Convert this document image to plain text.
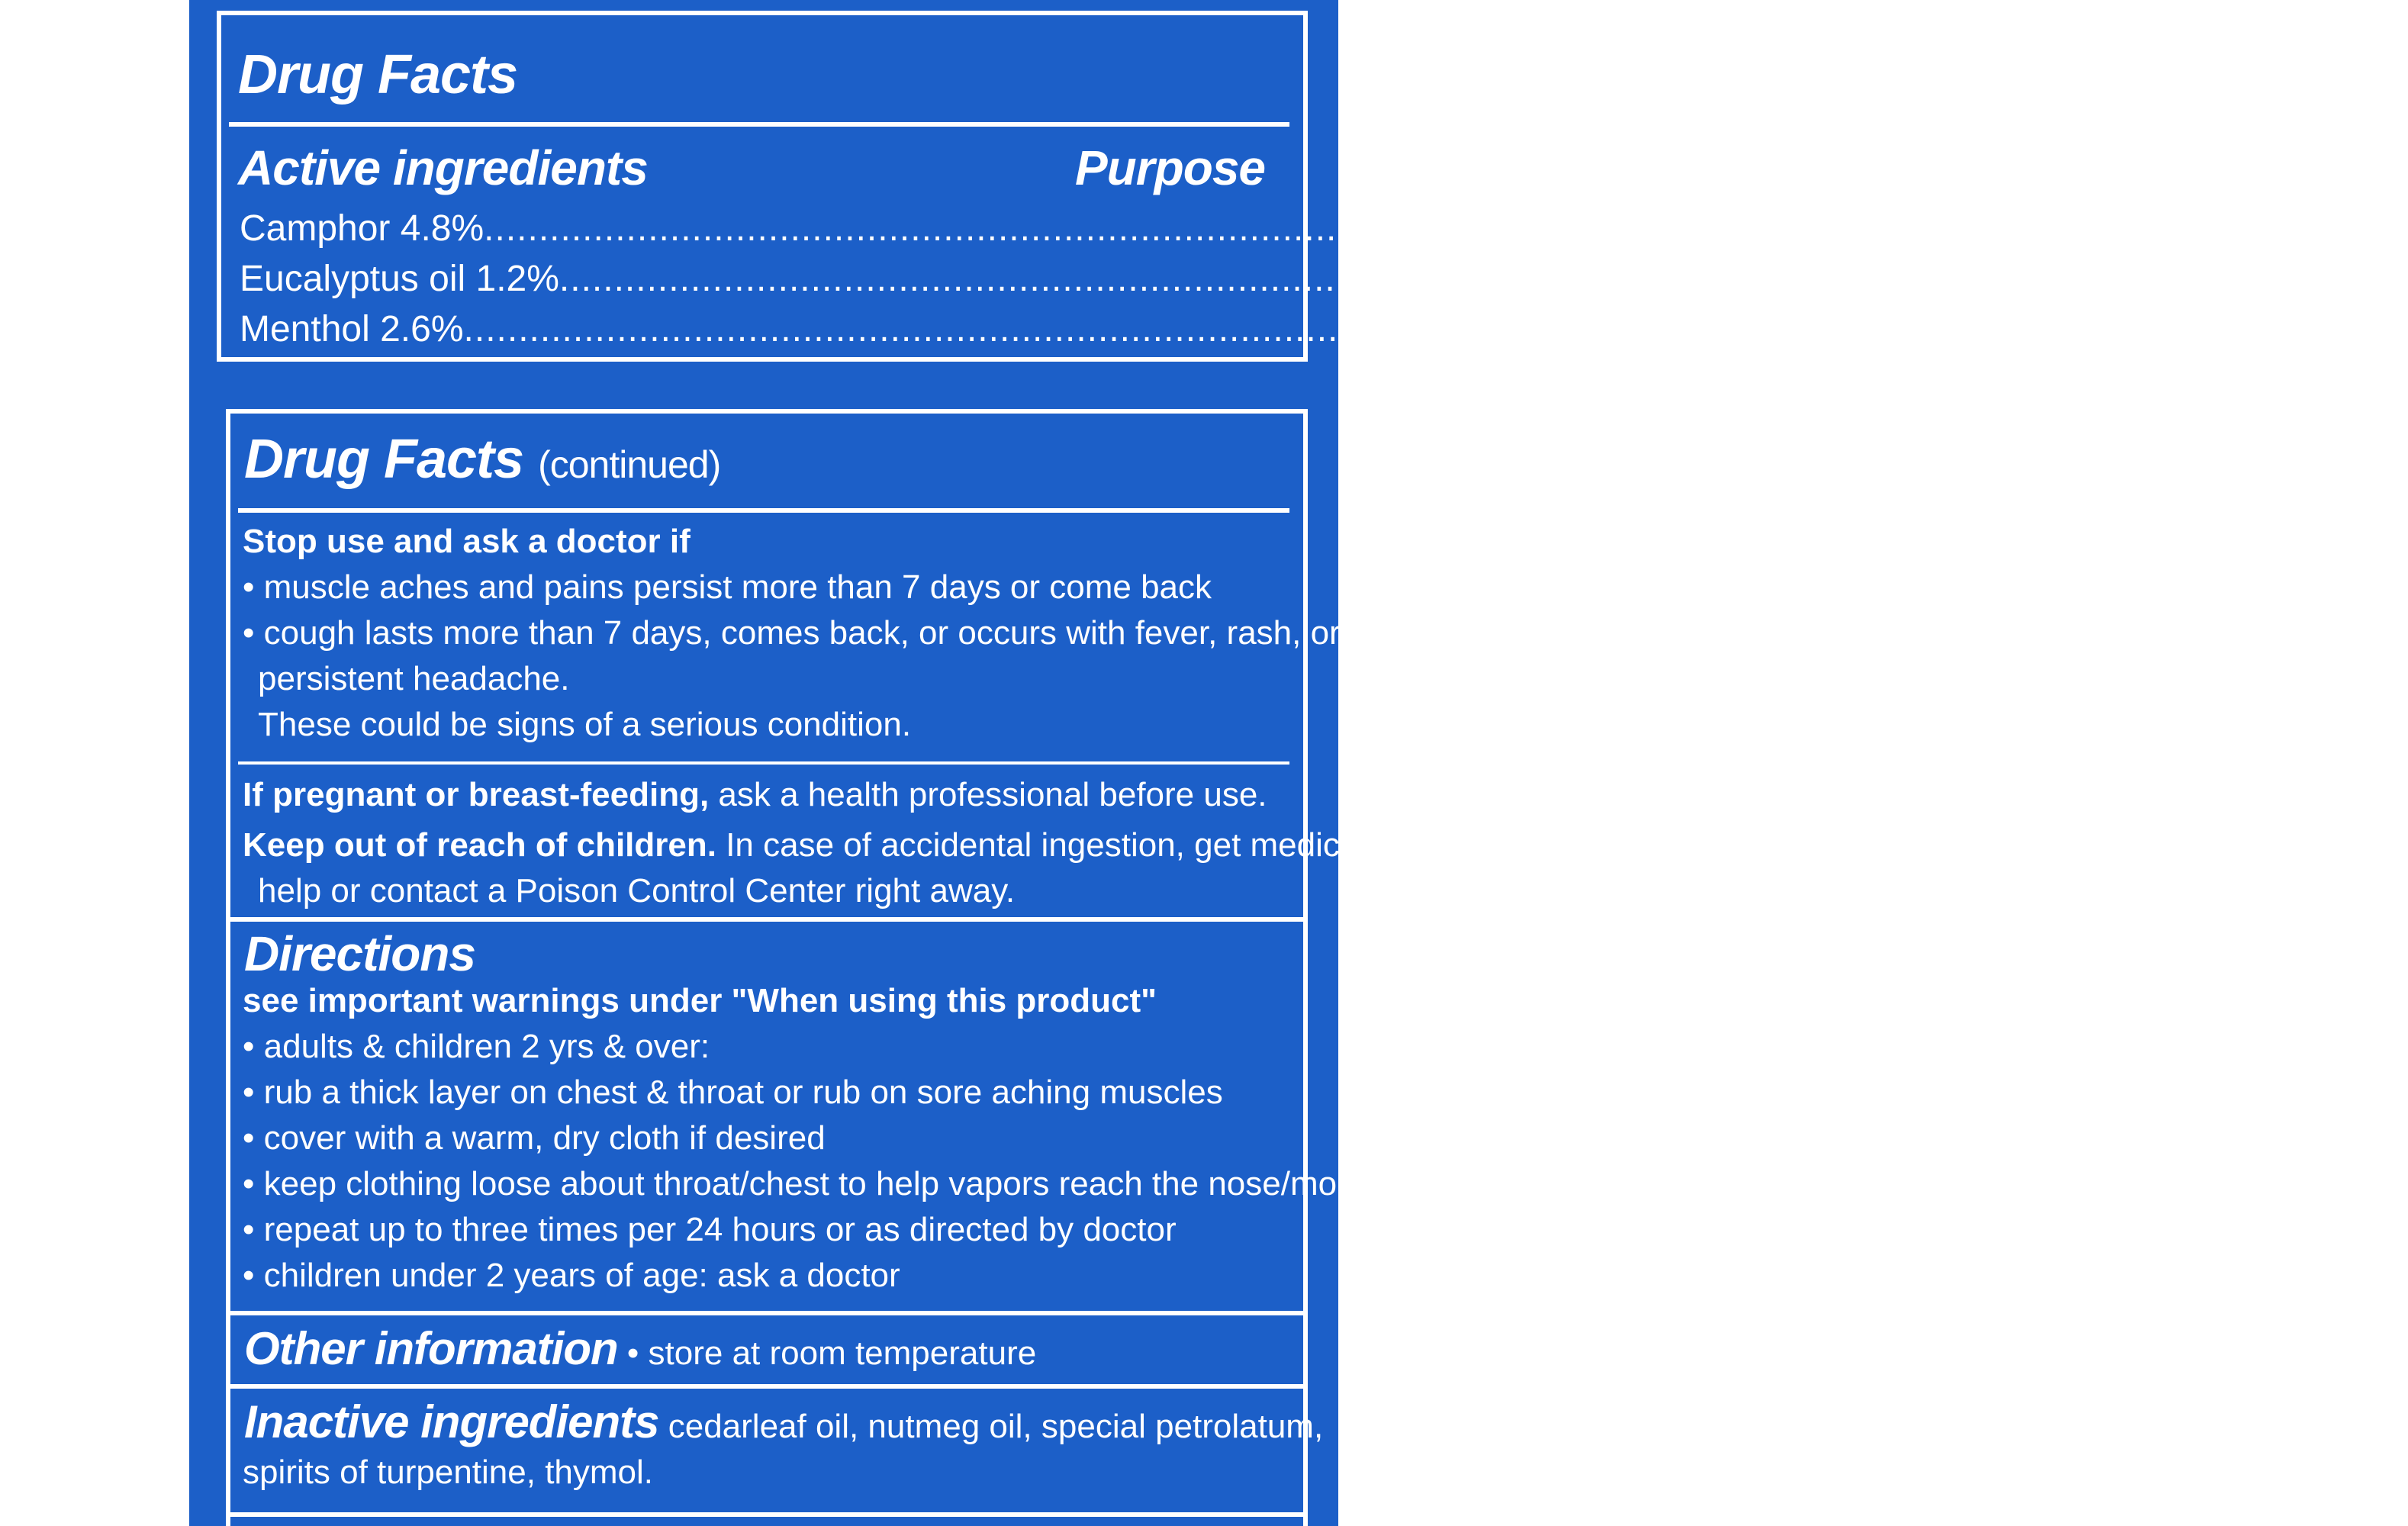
Drug Facts
Active ingredients	Purpose
Camphor 4.8% ...................................................................................................................... Cough suppressant & topical analgesic
Eucalyptus oil 1.2% ...................................................................................................................... Cough suppressant
Menthol 2.6% ...................................................................................................................... Cough suppressant & topical analgesic
Drug Facts (continued)
Stop use and ask a doctor if
• muscle aches and pains persist more than 7 days or come back
• cough lasts more than 7 days, comes back, or occurs with fever, rash, or
persistent headache.
These could be signs of a serious condition.
If pregnant or breast-feeding, ask a health professional before use.
Keep out of reach of children. In case of accidental ingestion, get medical
help or contact a Poison Control Center right away.
Directions
see important warnings under "When using this product"
• adults & children 2 yrs & over:
• rub a thick layer on chest & throat or rub on sore aching muscles
• cover with a warm, dry cloth if desired
• keep clothing loose about throat/chest to help vapors reach the nose/mouth
• repeat up to three times per 24 hours or as directed by doctor
• children under 2 years of age: ask a doctor
Other information • store at room temperature
Inactive ingredients cedarleaf oil, nutmeg oil, special petrolatum,
spirits of turpentine, thymol.
